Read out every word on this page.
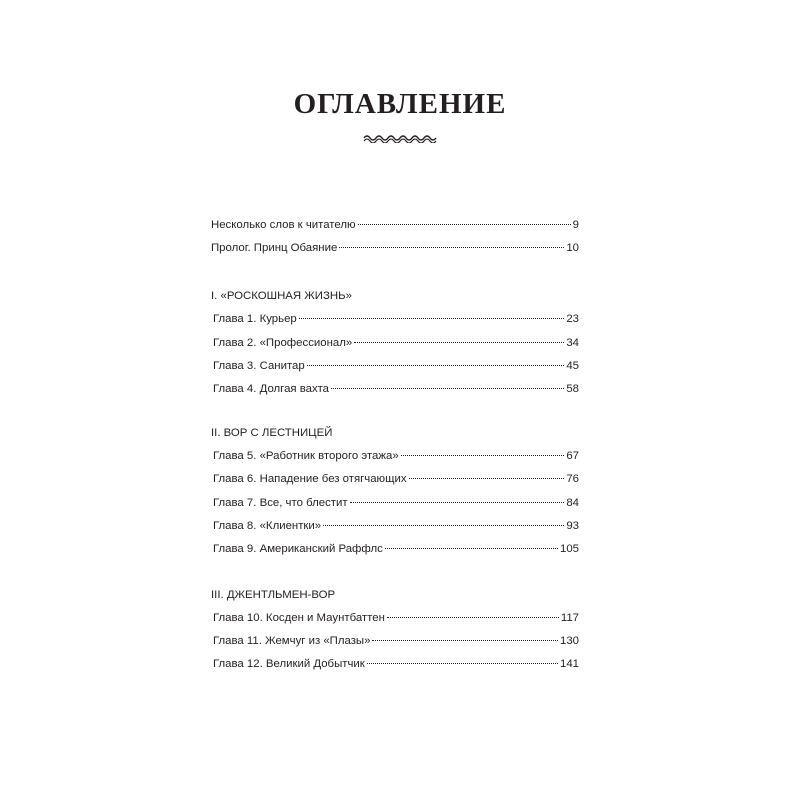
ОГЛАВЛЕНИЕ
Несколько слов к читателю	9
Пролог. Принц Обаяние	10
I. «РОСКОШНАЯ ЖИЗНЬ»
Глава 1. Курьер	23
Глава 2. «Профессионал»	34
Глава 3. Санитар	45
Глава 4. Долгая вахта	58
II. ВОР С ЛЕСТНИЦЕЙ
Глава 5. «Работник второго этажа»	67
Глава 6. Нападение без отягчающих	76
Глава 7. Все, что блестит	84
Глава 8. «Клиентки»	93
Глава 9. Американский Раффлс	105
III. ДЖЕНТЛЬМЕН-ВОР
Глава 10. Косден и Маунтбаттен	117
Глава 11. Жемчуг из «Плазы»	130
Глава 12. Великий Добытчик	141
